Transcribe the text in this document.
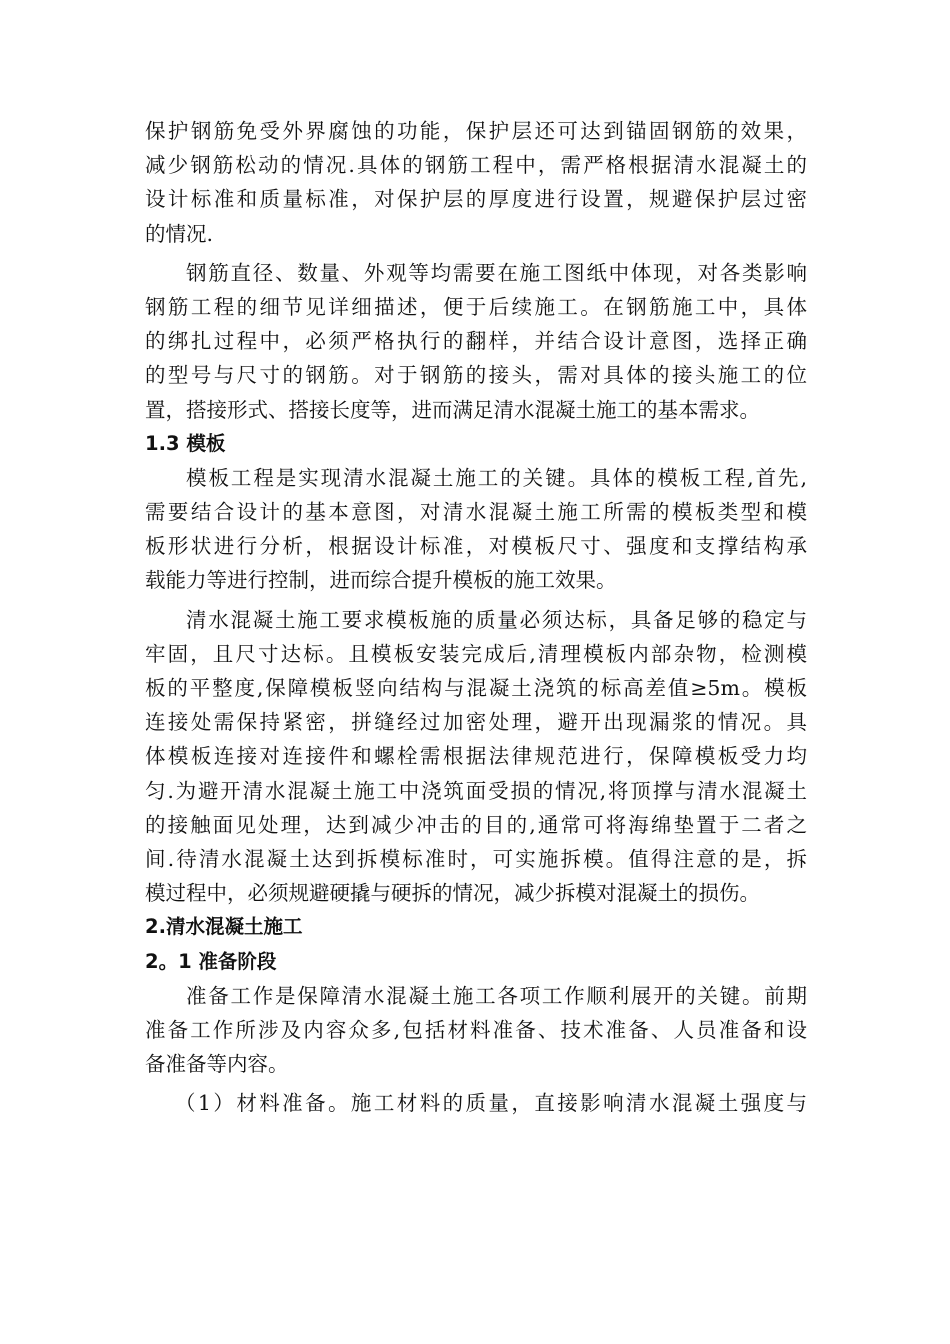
保护钢筋免受外界腐蚀的功能，保护层还可达到锚固钢筋的效果，
减少钢筋松动的情况.具体的钢筋工程中，需严格根据清水混凝土的
设计标准和质量标准，对保护层的厚度进行设置，规避保护层过密
的情况.
钢筋直径、数量、外观等均需要在施工图纸中体现，对各类影响
钢筋工程的细节见详细描述，便于后续施工。在钢筋施工中，具体
的绑扎过程中，必须严格执行的翻样，并结合设计意图，选择正确
的型号与尺寸的钢筋。对于钢筋的接头，需对具体的接头施工的位
置，搭接形式、搭接长度等，进而满足清水混凝土施工的基本需求。
1.3 模板
模板工程是实现清水混凝土施工的关键。具体的模板工程,首先,
需要结合设计的基本意图，对清水混凝土施工所需的模板类型和模
板形状进行分析，根据设计标准，对模板尺寸、强度和支撑结构承
载能力等进行控制，进而综合提升模板的施工效果。
清水混凝土施工要求模板施的质量必须达标，具备足够的稳定与
牢固，且尺寸达标。且模板安装完成后,清理模板内部杂物，检测模
板的平整度,保障模板竖向结构与混凝土浇筑的标高差值≥5m。模板
连接处需保持紧密，拼缝经过加密处理，避开出现漏浆的情况。具
体模板连接对连接件和螺栓需根据法律规范进行，保障模板受力均
匀.为避开清水混凝土施工中浇筑面受损的情况,将顶撑与清水混凝土
的接触面见处理，达到减少冲击的目的,通常可将海绵垫置于二者之
间.待清水混凝土达到拆模标准时，可实施拆模。值得注意的是，拆
模过程中，必须规避硬撬与硬拆的情况，减少拆模对混凝土的损伤。
2.清水混凝土施工
2。1 准备阶段
准备工作是保障清水混凝土施工各项工作顺利展开的关键。前期
准备工作所涉及内容众多,包括材料准备、技术准备、人员准备和设
备准备等内容。
（1）材料准备。施工材料的质量，直接影响清水混凝土强度与
